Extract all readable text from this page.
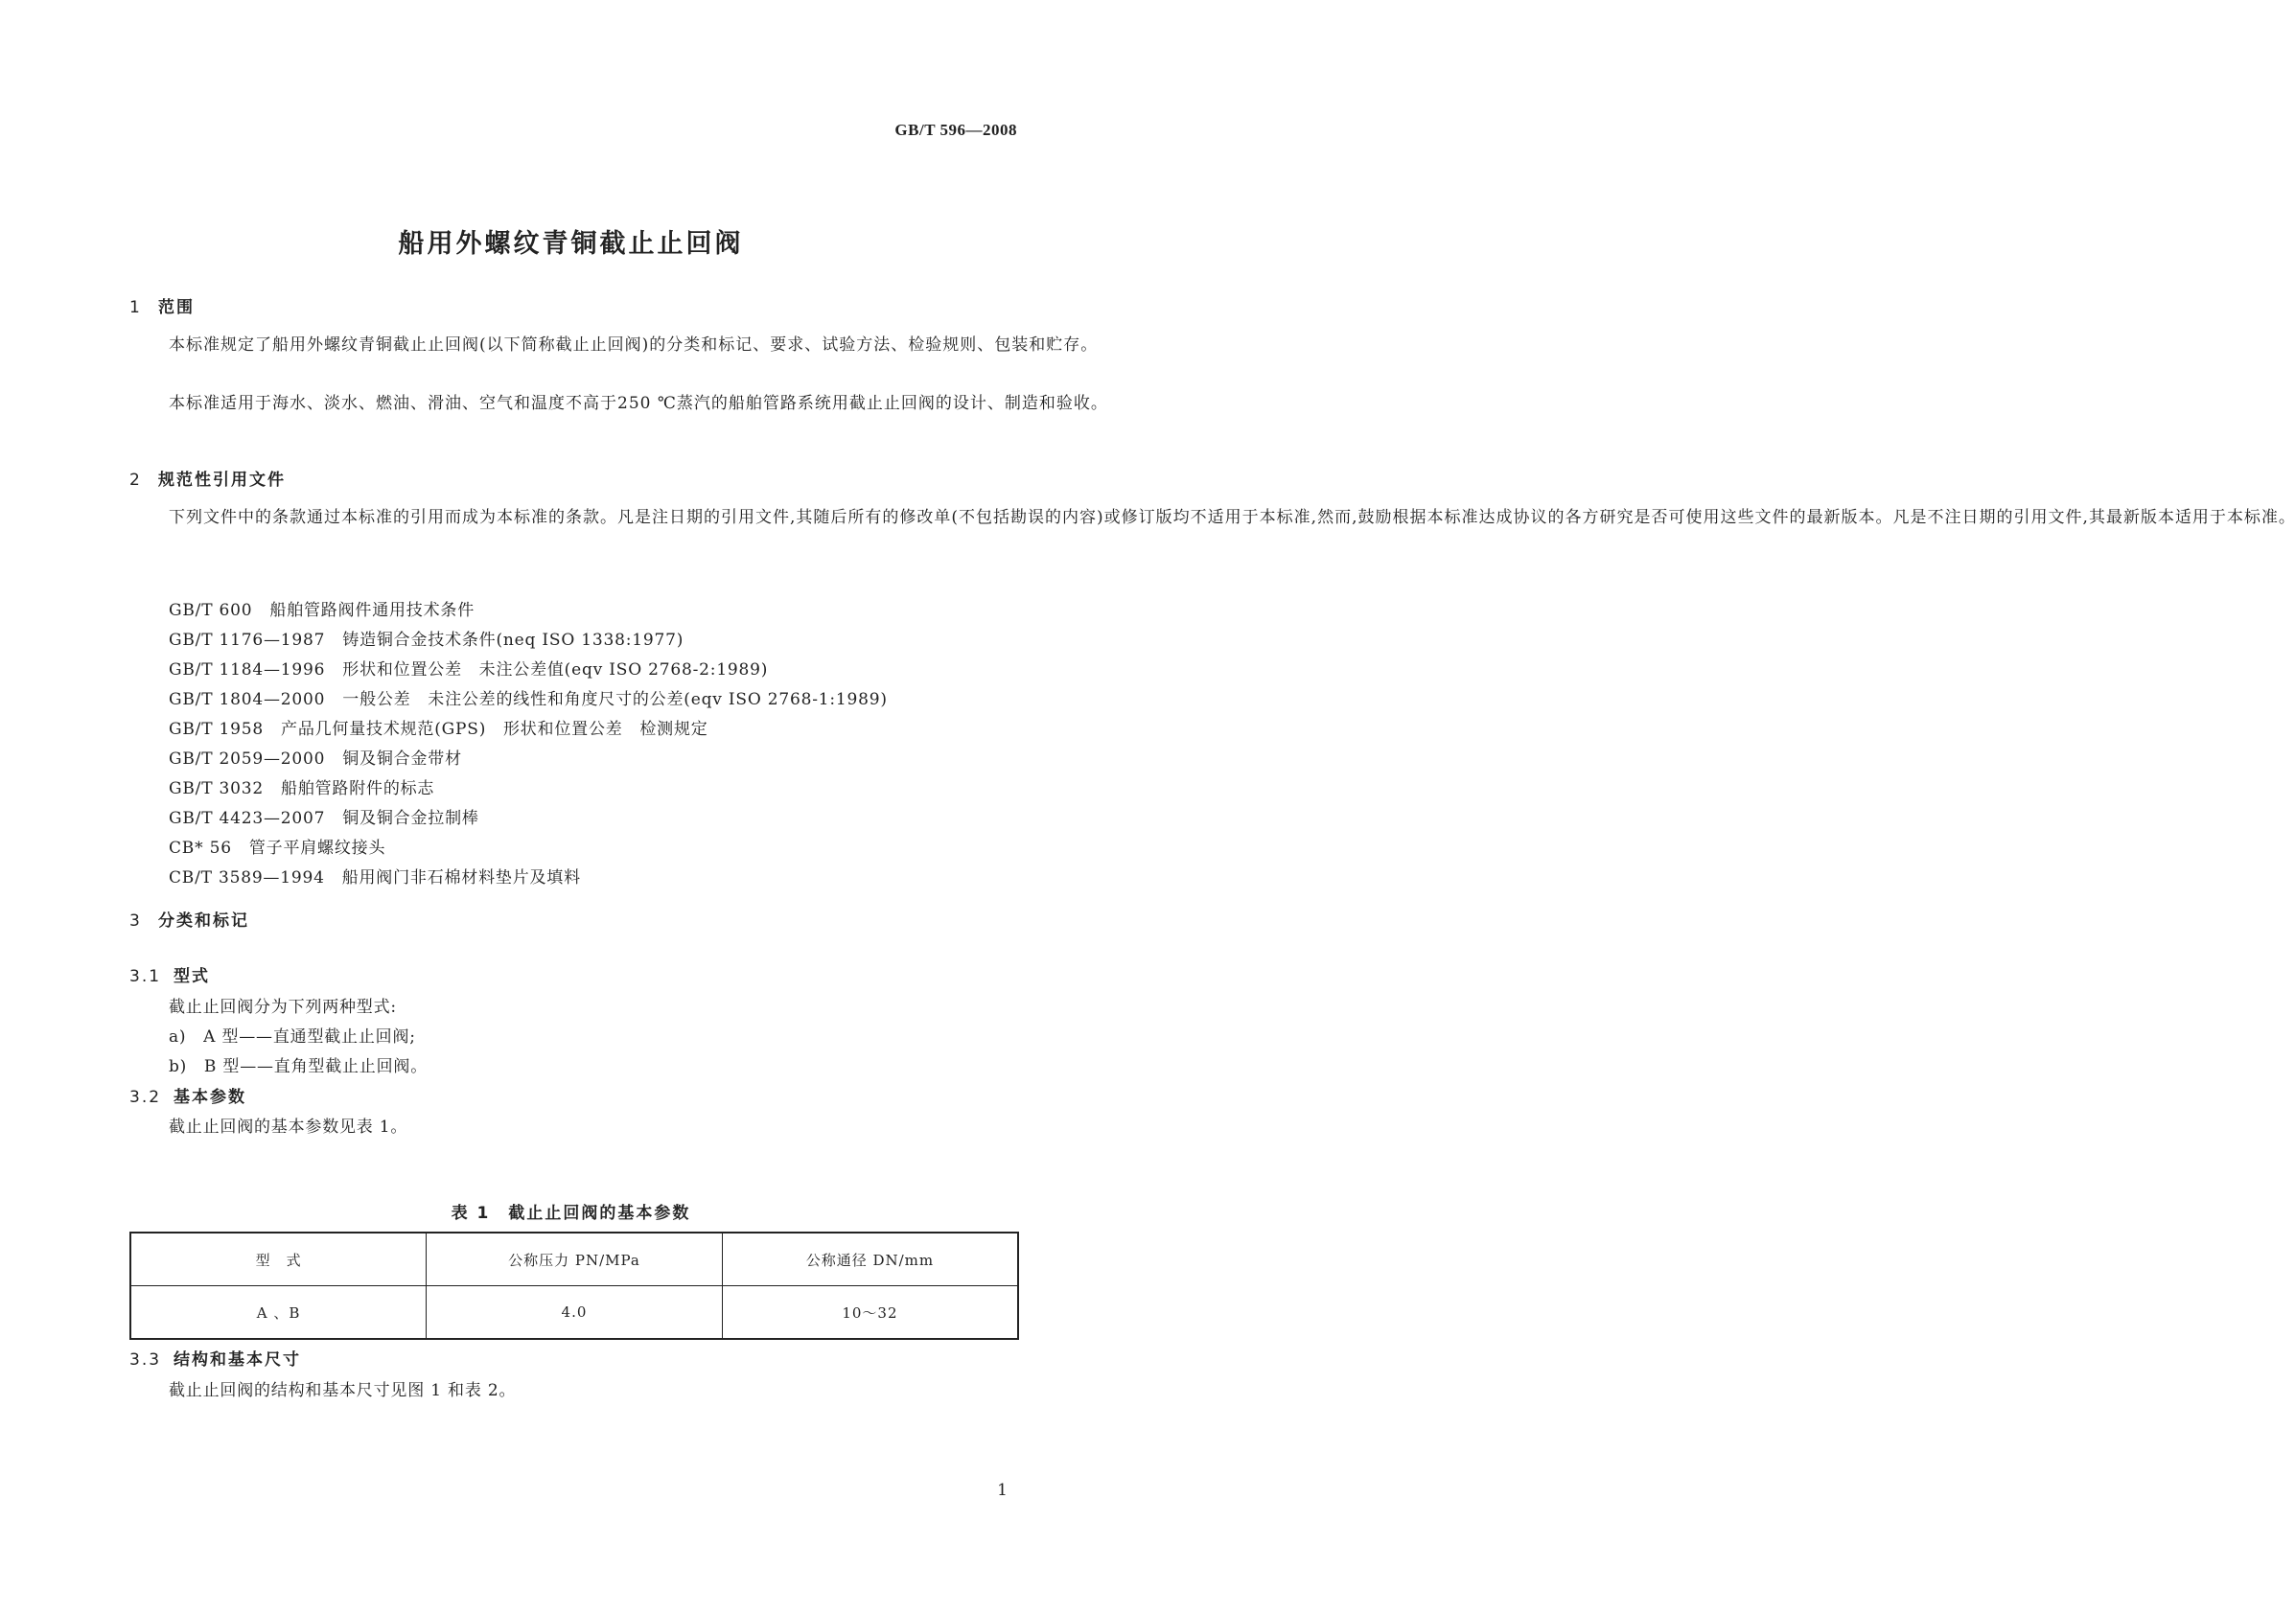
GB/T 596—2008
船用外螺纹青铜截止止回阀
1 范围
本标准规定了船用外螺纹青铜截止止回阀(以下简称截止止回阀)的分类和标记、要求、试验方法、检验规则、包装和贮存。
本标准适用于海水、淡水、燃油、滑油、空气和温度不高于250 ℃蒸汽的船舶管路系统用截止止回阀的设计、制造和验收。
2 规范性引用文件
下列文件中的条款通过本标准的引用而成为本标准的条款。凡是注日期的引用文件,其随后所有的修改单(不包括勘误的内容)或修订版均不适用于本标准,然而,鼓励根据本标准达成协议的各方研究是否可使用这些文件的最新版本。凡是不注日期的引用文件,其最新版本适用于本标准。
GB/T 600 船舶管路阀件通用技术条件
GB/T 1176—1987 铸造铜合金技术条件(neq ISO 1338:1977)
GB/T 1184—1996 形状和位置公差　未注公差值(eqv ISO 2768-2:1989)
GB/T 1804—2000 一般公差　未注公差的线性和角度尺寸的公差(eqv ISO 2768-1:1989)
GB/T 1958 产品几何量技术规范(GPS)　形状和位置公差　检测规定
GB/T 2059—2000 铜及铜合金带材
GB/T 3032 船舶管路附件的标志
GB/T 4423—2007 铜及铜合金拉制棒
CB* 56 管子平肩螺纹接头
CB/T 3589—1994 船用阀门非石棉材料垫片及填料
3 分类和标记
3.1 型式
截止止回阀分为下列两种型式:
a)　A 型——直通型截止止回阀;
b)　B 型——直角型截止止回阀。
3.2 基本参数
截止止回阀的基本参数见表 1。
表 1　截止止回阀的基本参数
型　式	公称压力 PN/MPa	公称通径 DN/mm
A 、B	4.0	10～32
3.3 结构和基本尺寸
截止止回阀的结构和基本尺寸见图 1 和表 2。
1
